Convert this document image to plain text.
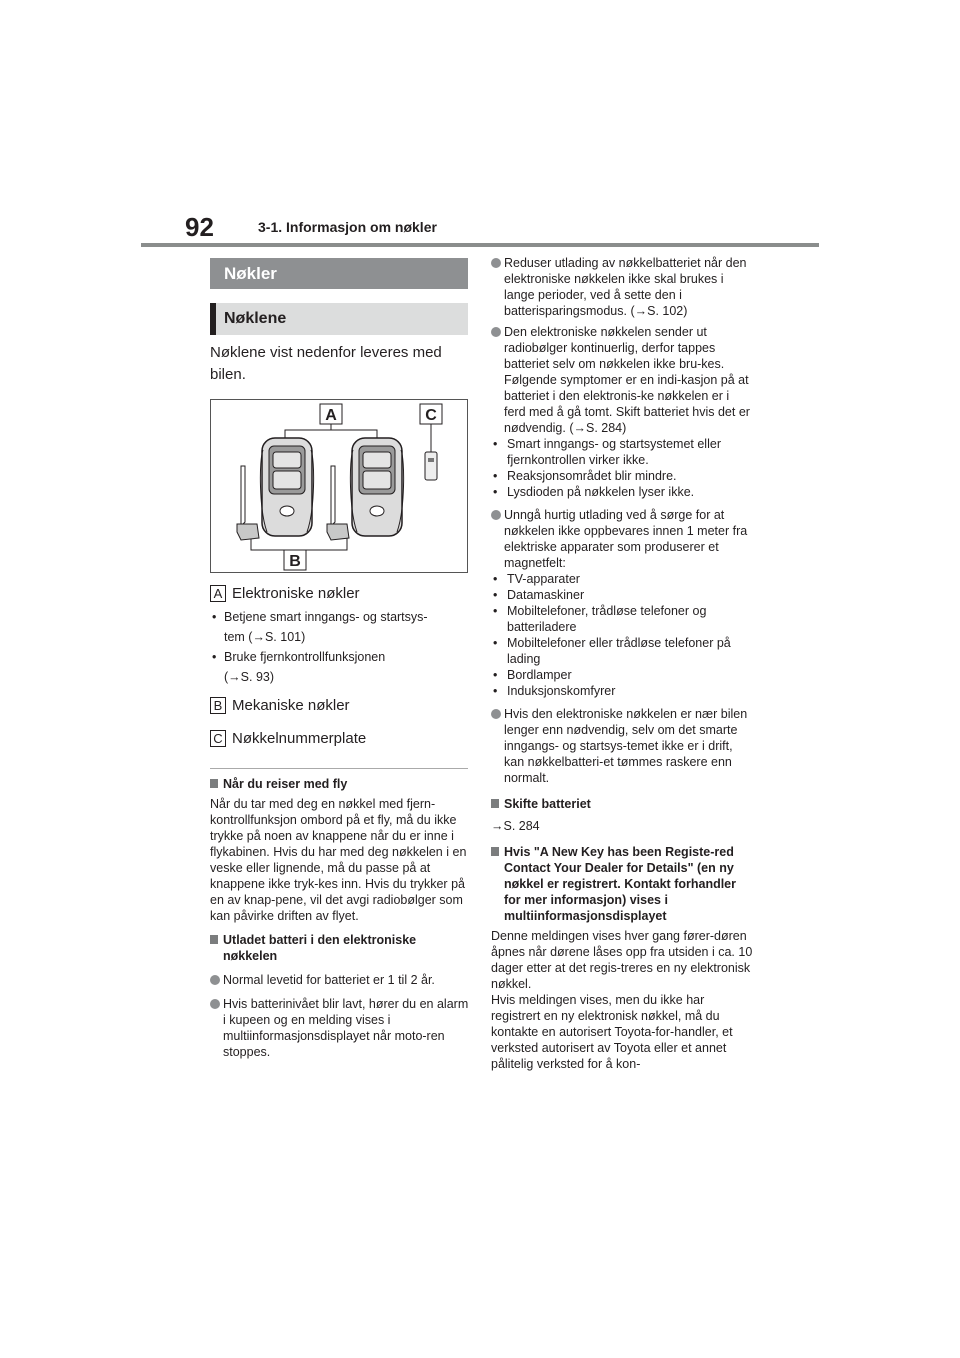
92	3-1. Informasjon om nøkler
Nøkler
Nøklene
Nøklene vist nedenfor leveres med bilen.
A	C
B
A Elektroniske nøkler
• Betjene smart inngangs- og startsys-
tem (→S. 101)
• Bruke fjernkontrollfunksjonen
(→S. 93)
B Mekaniske nøkler
C Nøkkelnummerplate
Når du reiser med fly
Når du tar med deg en nøkkel med fjern-kontrollfunksjon ombord på et fly, må du ikke trykke på noen av knappene når du er inne i flykabinen. Hvis du har med deg nøkkelen i en veske eller lignende, må du passe på at knappene ikke tryk-kes inn. Hvis du trykker på en av knap-pene, vil det avgi radiobølger som kan påvirke driften av flyet.
Utladet batteri i den elektroniske nøkkelen
Normal levetid for batteriet er 1 til 2 år.
Hvis batterinivået blir lavt, hører du en alarm i kupeen og en melding vises i multiinformasjonsdisplayet når moto-ren stoppes.
Reduser utlading av nøkkelbatteriet når den elektroniske nøkkelen ikke skal brukes i lange perioder, ved å sette den i batterisparingsmodus. (→S. 102)
Den elektroniske nøkkelen sender ut radiobølger kontinuerlig, derfor tappes batteriet selv om nøkkelen ikke bru-kes. Følgende symptomer er en indi-kasjon på at batteriet i den elektronis-ke nøkkelen er i ferd med å gå tomt. Skift batteriet hvis det er nødvendig. (→S. 284)
• Smart inngangs- og startsystemet eller fjernkontrollen virker ikke.
• Reaksjonsområdet blir mindre.
• Lysdioden på nøkkelen lyser ikke.
Unngå hurtig utlading ved å sørge for at nøkkelen ikke oppbevares innen 1 meter fra elektriske apparater som produserer et magnetfelt:
• TV-apparater
• Datamaskiner
• Mobiltelefoner, trådløse telefoner og batteriladere
• Mobiltelefoner eller trådløse telefoner på lading
• Bordlamper
• Induksjonskomfyrer
Hvis den elektroniske nøkkelen er nær bilen lenger enn nødvendig, selv om det smarte inngangs- og startsys-temet ikke er i drift, kan nøkkelbatteri-et tømmes raskere enn normalt.
Skifte batteriet
→S. 284
Hvis "A New Key has been Registe-red Contact Your Dealer for Details" (en ny nøkkel er registrert. Kontakt forhandler for mer informasjon) vises i multiinformasjonsdisplayet
Denne meldingen vises hver gang fører-døren åpnes når dørene låses opp fra utsiden i ca. 10 dager etter at det regis-treres en ny elektronisk nøkkel.
Hvis meldingen vises, men du ikke har registrert en ny elektronisk nøkkel, må du kontakte en autorisert Toyota-for-handler, et verksted autorisert av Toyota eller et annet pålitelig verksted for å kon-
